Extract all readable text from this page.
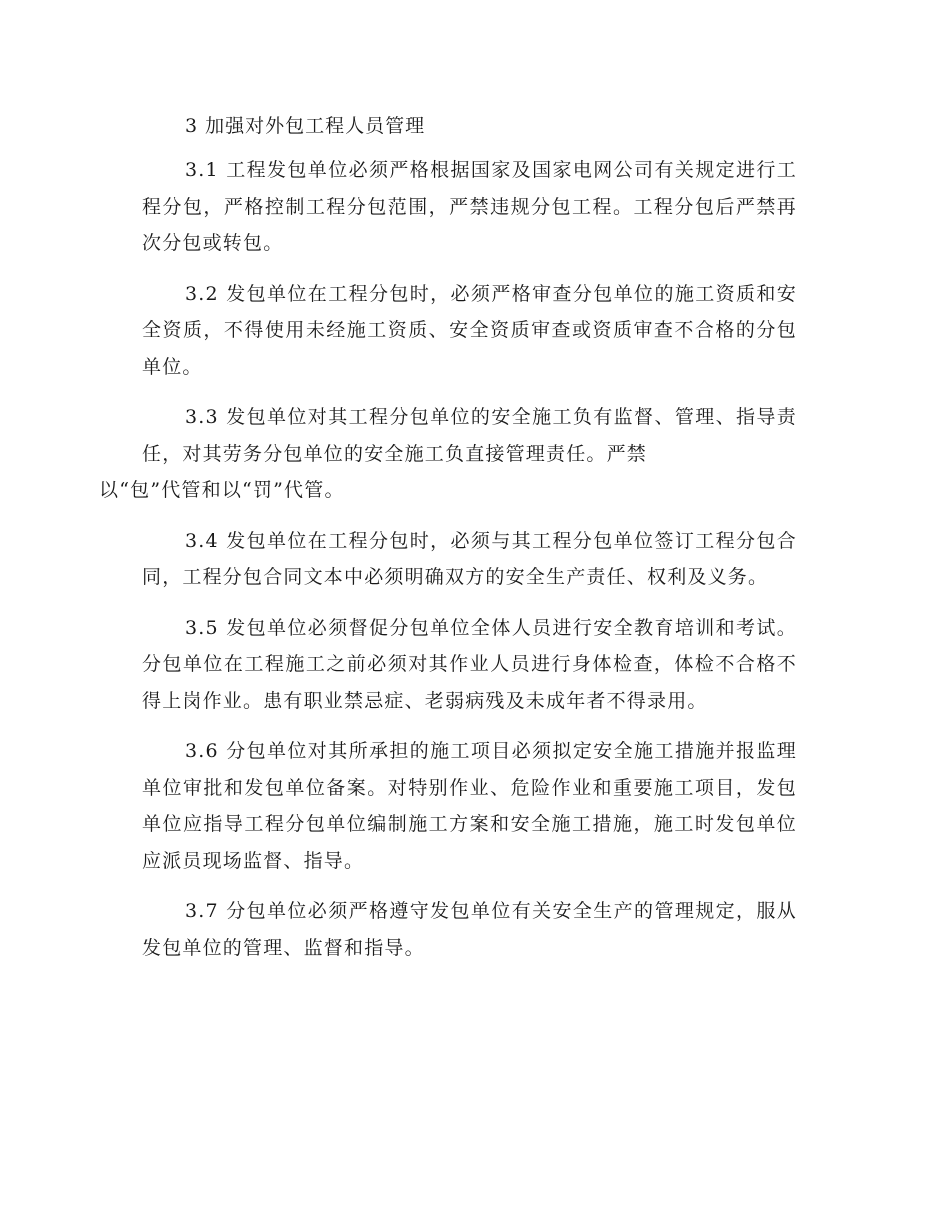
3 加强对外包工程人员管理

3.1 工程发包单位必须严格根据国家及国家电网公司有关规定进行工程分包，严格控制工程分包范围，严禁违规分包工程。工程分包后严禁再次分包或转包。

3.2 发包单位在工程分包时，必须严格审查分包单位的施工资质和安全资质，不得使用未经施工资质、安全资质审查或资质审查不合格的分包单位。

3.3 发包单位对其工程分包单位的安全施工负有监督、管理、指导责任，对其劳务分包单位的安全施工负直接管理责任。严禁
以“包”代管和以“罚”代管。

3.4 发包单位在工程分包时，必须与其工程分包单位签订工程分包合同，工程分包合同文本中必须明确双方的安全生产责任、权利及义务。

3.5 发包单位必须督促分包单位全体人员进行安全教育培训和考试。分包单位在工程施工之前必须对其作业人员进行身体检查，体检不合格不得上岗作业。患有职业禁忌症、老弱病残及未成年者不得录用。

3.6 分包单位对其所承担的施工项目必须拟定安全施工措施并报监理单位审批和发包单位备案。对特别作业、危险作业和重要施工项目，发包单位应指导工程分包单位编制施工方案和安全施工措施，施工时发包单位应派员现场监督、指导。

3.7 分包单位必须严格遵守发包单位有关安全生产的管理规定，服从发包单位的管理、监督和指导。
